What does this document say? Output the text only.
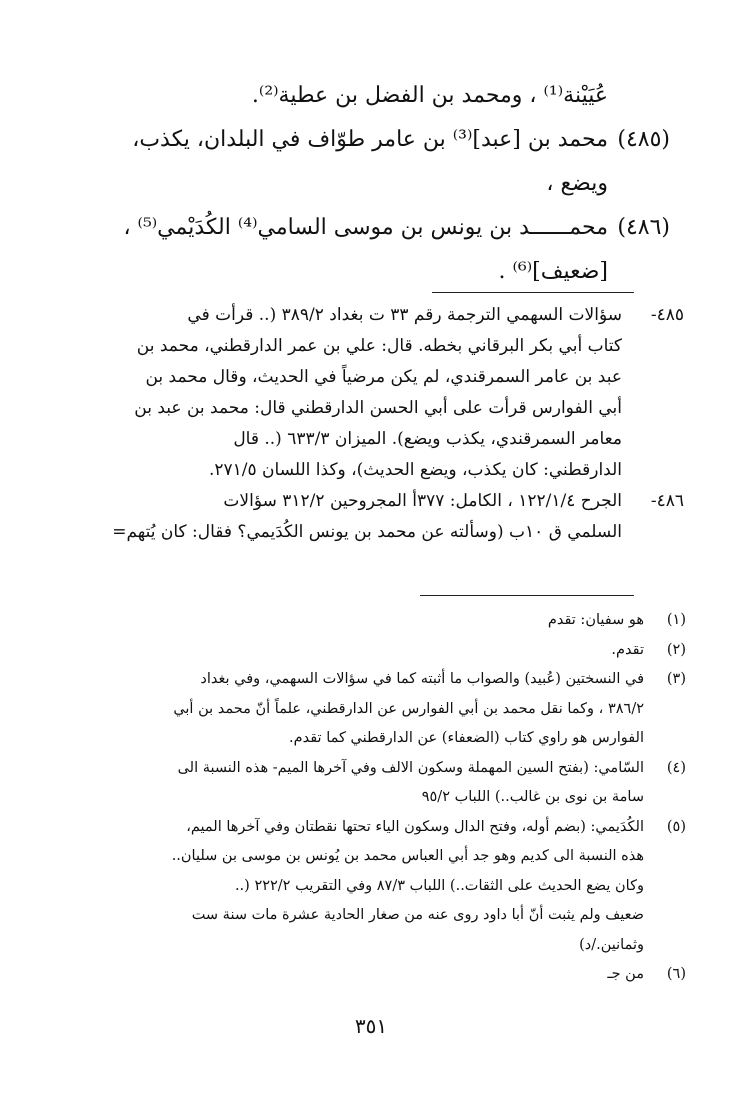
عُيَيْنة⁽¹⁾ ، ومحمد بن الفضل بن عطية⁽²⁾.
(٤٨٥)محمد بن [عبد]⁽³⁾ بن عامر طوّاف في البلدان، يكذب،
ويضع ،
(٤٨٦)محمــــــد بن يونس بن موسى السامي⁽⁴⁾ الكُدَيْمي⁽⁵⁾ ،
[ضعيف]⁽⁶⁾ .
٤٨٥-سؤالات السهمي الترجمة رقم ٣٣ ت بغداد ٣٨٩/٢ (.. قرأت في
كتاب أبي بكر البرقاني بخطه. قال: علي بن عمر الدارقطني، محمد بن
عبد بن عامر السمرقندي، لم يكن مرضياً في الحديث، وقال محمد بن
أبي الفوارس قرأت على أبي الحسن الدارقطني قال: محمد بن عبد بن
معامر السمرقندي، يكذب ويضع). الميزان ٦٣٣/٣ (.. قال
الدارقطني: كان يكذب، ويضع الحديث)، وكذا اللسان ٢٧١/٥.
٤٨٦-الجرح ١٢٢/١/٤ ، الكامل: ٣٧٧أ المجروحين ٣١٢/٢ سؤالات
السلمي ق ١٠ب (وسألته عن محمد بن يونس الكُدَيمي؟ فقال: كان يُتهم=
(١)هو سفيان: تقدم
(٢)تقدم.
(٣)في النسختين (عُبيد) والصواب ما أثبته كما في سؤالات السهمي، وفي بغداد
٣٨٦/٢ ، وكما نقل محمد بن أبي الفوارس عن الدارقطني، علماً أنّ محمد بن أبي
الفوارس هو راوي كتاب (الضعفاء) عن الدارقطني كما تقدم.
(٤)السّامي: (بفتح السين المهملة وسكون الالف وفي آخرها الميم- هذه النسبة الى
سامة بن نوى بن غالب..) اللباب ٩٥/٢
(٥)الكُدَيمي: (بضم أوله، وفتح الدال وسكون الياء تحتها نقطتان وفي آخرها الميم،
هذه النسبة الى كديم وهو جد أبي العباس محمد بن يُونس بن موسى بن سليان..
وكان يضع الحديث على الثقات..) اللباب ٨٧/٣ وفي التقريب ٢٢٢/٢ (..
ضعيف ولم يثبت أنّ أبا داود روى عنه من صغار الحادية عشرة مات سنة ست
وثمانين./د)
(٦)من جـ
٣٥١
